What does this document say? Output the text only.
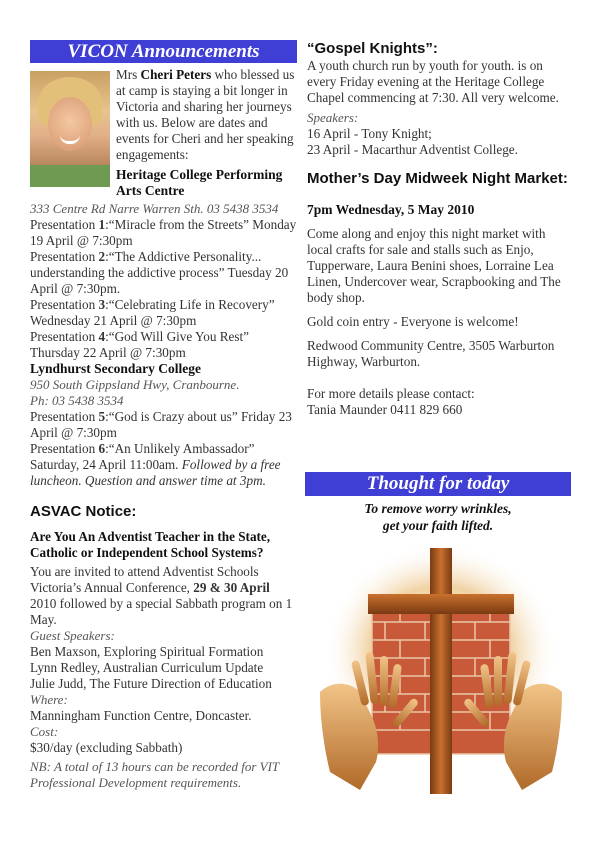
VICON Announcements

Mrs Cheri Peters who blessed us at camp is staying a bit longer in Victoria and sharing her journeys with us. Below are dates and events for Cheri and her speaking engagements:

Heritage College Performing Arts Centre

333 Centre Rd Narre Warren Sth. 03 5438 3534

Presentation 1:“Miracle from the Streets” Monday 19 April @ 7:30pm

Presentation 2:“The Addictive Personality... understanding the addictive process” Tuesday 20 April @ 7:30pm.

Presentation 3:“Celebrating Life in Recovery” Wednesday 21 April @ 7:30pm

Presentation 4:“God Will Give You Rest” Thursday 22 April @ 7:30pm

Lyndhurst Secondary College

950 South Gippsland Hwy, Cranbourne.

Ph: 03 5438 3534

Presentation 5:“God is Crazy about us” Friday 23 April @ 7:30pm

Presentation 6:“An Unlikely Ambassador” Saturday, 24 April 11:00am. Followed by a free luncheon. Question and answer time at 3pm.

ASVAC Notice:

Are You An Adventist Teacher in the State, Catholic or Independent School Systems?

You are invited to attend Adventist Schools Victoria’s Annual Conference, 29 & 30 April 2010 followed by a special Sabbath program on 1 May.

Guest Speakers:

Ben Maxson, Exploring Spiritual Formation

Lynn Redley, Australian Curriculum Update

Julie Judd, The Future Direction of Education

Where:

Manningham Function Centre, Doncaster.

Cost:

$30/day (excluding Sabbath)

NB: A total of 13 hours can be recorded for VIT Professional Development requirements.

“Gospel Knights”:

A youth church run by youth for youth. is on every Friday evening at the Heritage College Chapel commencing at 7:30. All very welcome.

Speakers:

16 April - Tony Knight;

23 April - Macarthur Adventist College.

Mother’s Day Midweek Night Market:

7pm Wednesday, 5 May 2010

Come along and enjoy this night market with local crafts for sale and stalls such as Enjo, Tupperware, Laura Benini shoes, Lorraine Lea Linen, Undercover wear, Scrapbooking and The body shop.

Gold coin entry - Everyone is welcome!

Redwood Community Centre, 3505 Warburton Highway, Warburton.

For more details please contact:

Tania Maunder 0411 829 660

Thought for today
To remove worry wrinkles,
get your faith lifted.
